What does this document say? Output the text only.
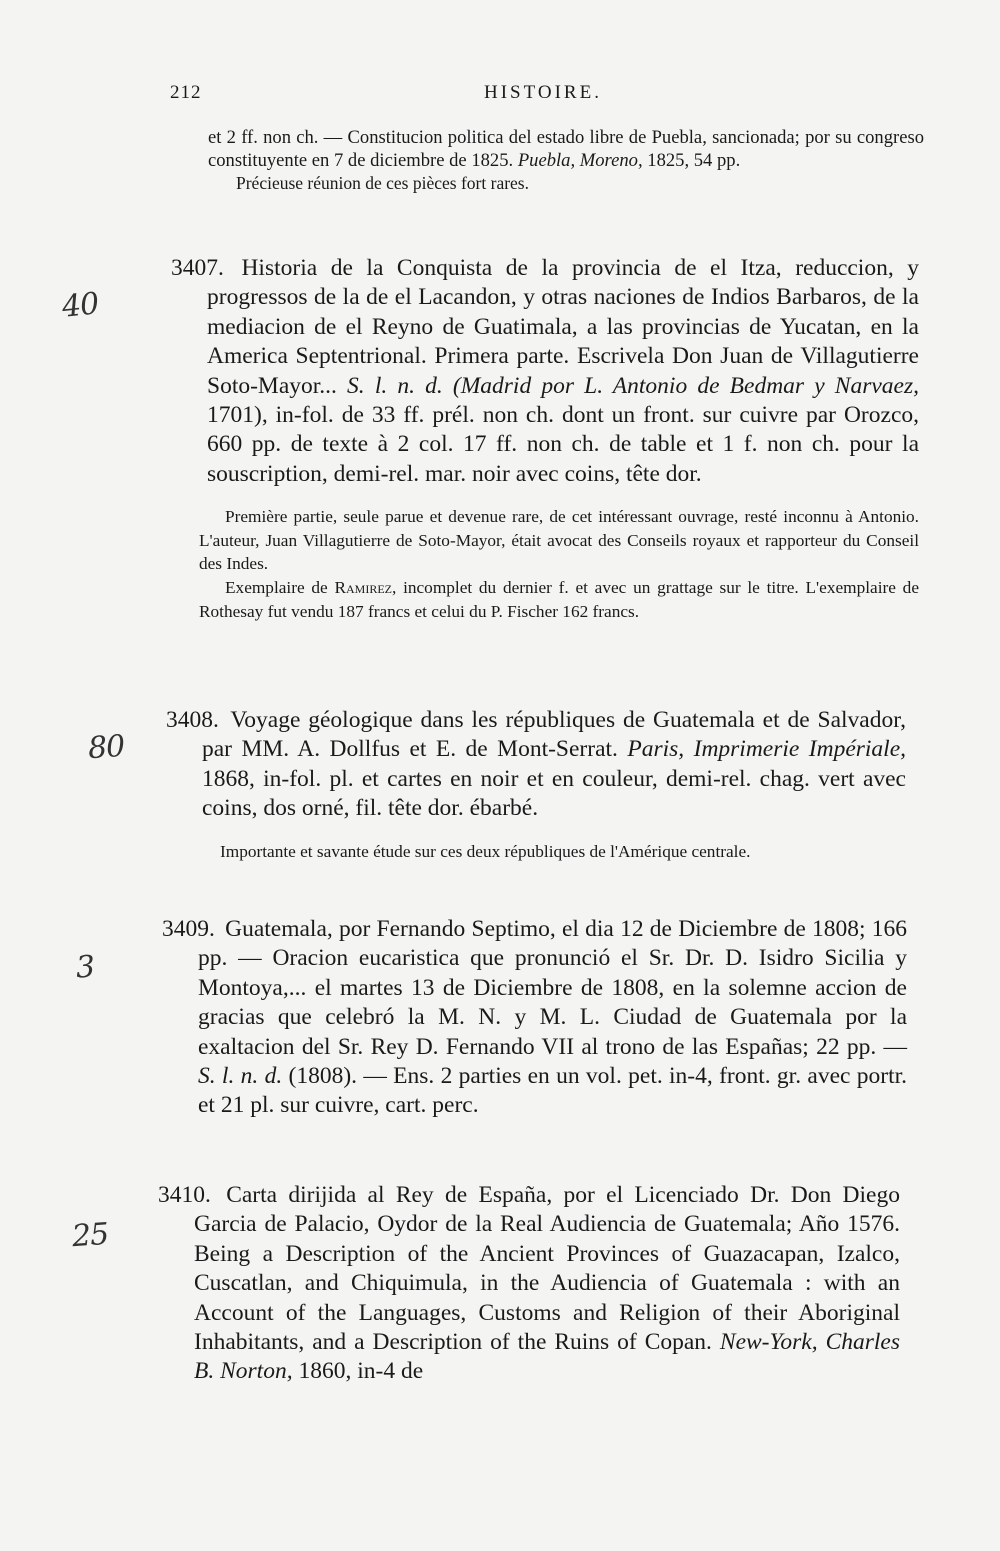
212	HISTOIRE.
et 2 ff. non ch. — Constitucion politica del estado libre de Puebla, sancionada; por su congreso constituyente en 7 de diciembre de 1825. Puebla, Moreno, 1825, 54 pp.

Précieuse réunion de ces pièces fort rares.

3407. Historia de la Conquista de la provincia de el Itza, reduccion, y progressos de la de el Lacandon, y otras naciones de Indios Barbaros, de la mediacion de el Reyno de Guatimala, a las provincias de Yucatan, en la America Septentrional. Primera parte. Escrivela Don Juan de Villagutierre Soto-Mayor... S. l. n. d. (Madrid por L. Antonio de Bedmar y Narvaez, 1701), in-fol. de 33 ff. prél. non ch. dont un front. sur cuivre par Orozco, 660 pp. de texte à 2 col. 17 ff. non ch. de table et 1 f. non ch. pour la souscription, demi-rel. mar. noir avec coins, tête dor.

Première partie, seule parue et devenue rare, de cet intéressant ouvrage, resté inconnu à Antonio. L'auteur, Juan Villagutierre de Soto-Mayor, était avocat des Conseils royaux et rapporteur du Conseil des Indes.

Exemplaire de Ramirez, incomplet du dernier f. et avec un grattage sur le titre. L'exemplaire de Rothesay fut vendu 187 francs et celui du P. Fischer 162 francs.

40

3408. Voyage géologique dans les républiques de Guatemala et de Salvador, par MM. A. Dollfus et E. de Mont-Serrat. Paris, Imprimerie Impériale, 1868, in-fol. pl. et cartes en noir et en couleur, demi-rel. chag. vert avec coins, dos orné, fil. tête dor. ébarbé.

Importante et savante étude sur ces deux républiques de l'Amérique centrale.

80

3409. Guatemala, por Fernando Septimo, el dia 12 de Diciembre de 1808; 166 pp. — Oracion eucaristica que pronunció el Sr. Dr. D. Isidro Sicilia y Montoya,... el martes 13 de Diciembre de 1808, en la solemne accion de gracias que celebró la M. N. y M. L. Ciudad de Guatemala por la exaltacion del Sr. Rey D. Fernando VII al trono de las Españas; 22 pp. — S. l. n. d. (1808). — Ens. 2 parties en un vol. pet. in-4, front. gr. avec portr. et 21 pl. sur cuivre, cart. perc.

3

3410. Carta dirijida al Rey de España, por el Licenciado Dr. Don Diego Garcia de Palacio, Oydor de la Real Audiencia de Guatemala; Año 1576. Being a Description of the Ancient Provinces of Guazacapan, Izalco, Cuscatlan, and Chiquimula, in the Audiencia of Guatemala : with an Account of the Languages, Customs and Religion of their Aboriginal Inhabitants, and a Description of the Ruins of Copan. New-York, Charles B. Norton, 1860, in-4 de

25
